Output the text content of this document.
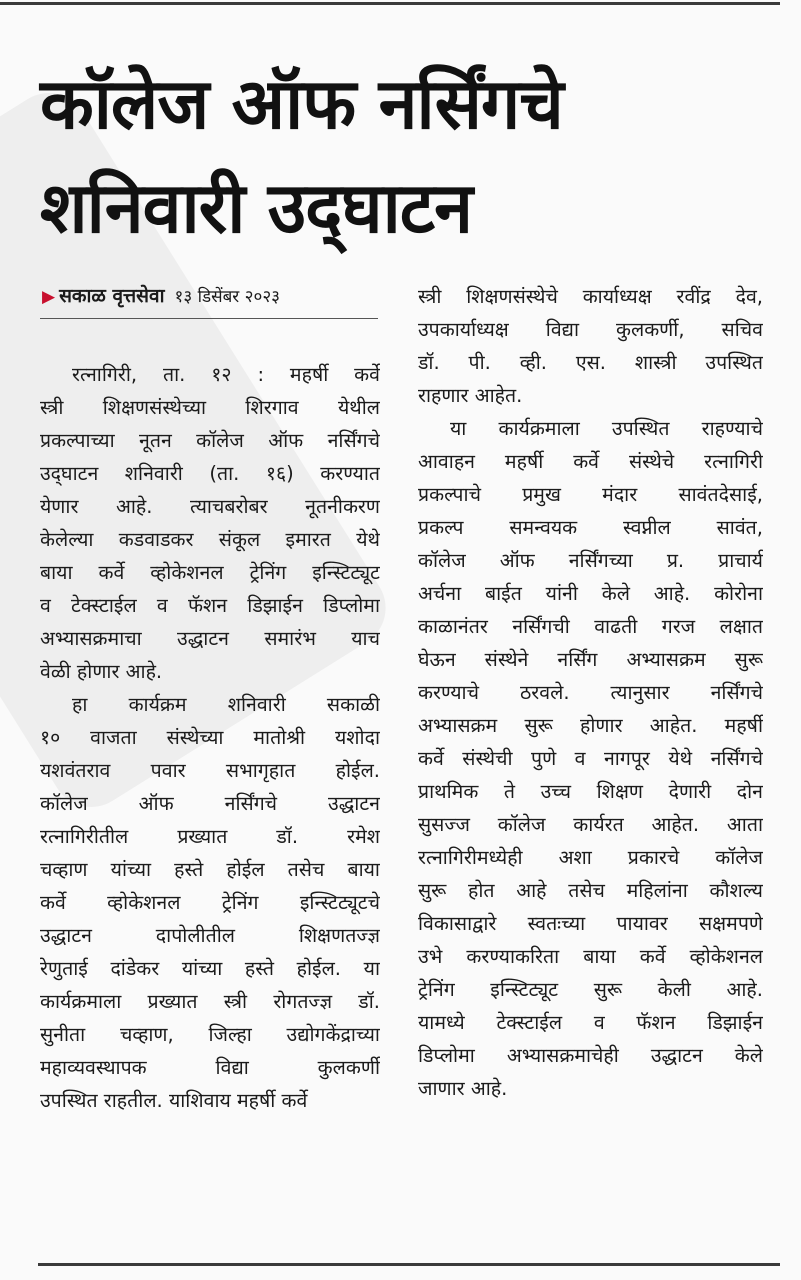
कॉलेज ऑफ नर्सिंगचे
शनिवारी उद्‌घाटन
▶ सकाळ वृत्तसेवा १३ डिसेंबर २०२३
रत्नागिरी, ता. १२ : महर्षी कर्वे
स्त्री शिक्षणसंस्थेच्या शिरगाव येथील
प्रकल्पाच्या नूतन कॉलेज ऑफ नर्सिंगचे
उद्‍घाटन शनिवारी (ता. १६) करण्यात
येणार आहे. त्याचबरोबर नूतनीकरण
केलेल्या कडवाडकर संकूल इमारत येथे
बाया कर्वे व्होकेशनल ट्रेनिंग इन्स्टिट्यूट
व टेक्स्टाईल व फॅशन डिझाईन डिप्लोमा
अभ्यासक्रमाचा उद्धाटन समारंभ याच
वेळी होणार आहे.
हा कार्यक्रम शनिवारी सकाळी
१० वाजता संस्थेच्या मातोश्री यशोदा
यशवंतराव पवार सभागृहात होईल.
कॉलेज ऑफ नर्सिंगचे उद्धाटन
रत्नागिरीतील प्रख्यात डॉ. रमेश
चव्हाण यांच्या हस्ते होईल तसेच बाया
कर्वे व्होकेशनल ट्रेनिंग इन्स्टिट्यूटचे
उद्धाटन दापोलीतील शिक्षणतज्ज्ञ
रेणुताई दांडेकर यांच्या हस्ते होईल. या
कार्यक्रमाला प्रख्यात स्त्री रोगतज्ज्ञ डॉ.
सुनीता चव्हाण, जिल्हा उद्योगकेंद्राच्या
महाव्यवस्थापक विद्या कुलकर्णी
उपस्थित राहतील. याशिवाय महर्षी कर्वे
स्त्री शिक्षणसंस्थेचे कार्याध्यक्ष रवींद्र देव,
उपकार्याध्यक्ष विद्या कुलकर्णी, सचिव
डॉ. पी. व्ही. एस. शास्त्री उपस्थित
राहणार आहेत.
या कार्यक्रमाला उपस्थित राहण्याचे
आवाहन महर्षी कर्वे संस्थेचे रत्नागिरी
प्रकल्पाचे प्रमुख मंदार सावंतदेसाई,
प्रकल्प समन्वयक स्वप्नील सावंत,
कॉलेज ऑफ नर्सिंगच्या प्र. प्राचार्य
अर्चना बाईत यांनी केले आहे. कोरोना
काळानंतर नर्सिंगची वाढती गरज लक्षात
घेऊन संस्थेने नर्सिंग अभ्यासक्रम सुरू
करण्याचे ठरवले. त्यानुसार नर्सिंगचे
अभ्यासक्रम सुरू होणार आहेत. महर्षी
कर्वे संस्थेची पुणे व नागपूर येथे नर्सिंगचे
प्राथमिक ते उच्च शिक्षण देणारी दोन
सुसज्ज कॉलेज कार्यरत आहेत. आता
रत्नागिरीमध्येही अशा प्रकारचे कॉलेज
सुरू होत आहे तसेच महिलांना कौशल्य
विकासाद्वारे स्वतःच्या पायावर सक्षमपणे
उभे करण्याकरिता बाया कर्वे व्होकेशनल
ट्रेनिंग इन्स्टिट्यूट सुरू केली आहे.
यामध्ये टेक्स्टाईल व फॅशन डिझाईन
डिप्लोमा अभ्यासक्रमाचेही उद्धाटन केले
जाणार आहे.
